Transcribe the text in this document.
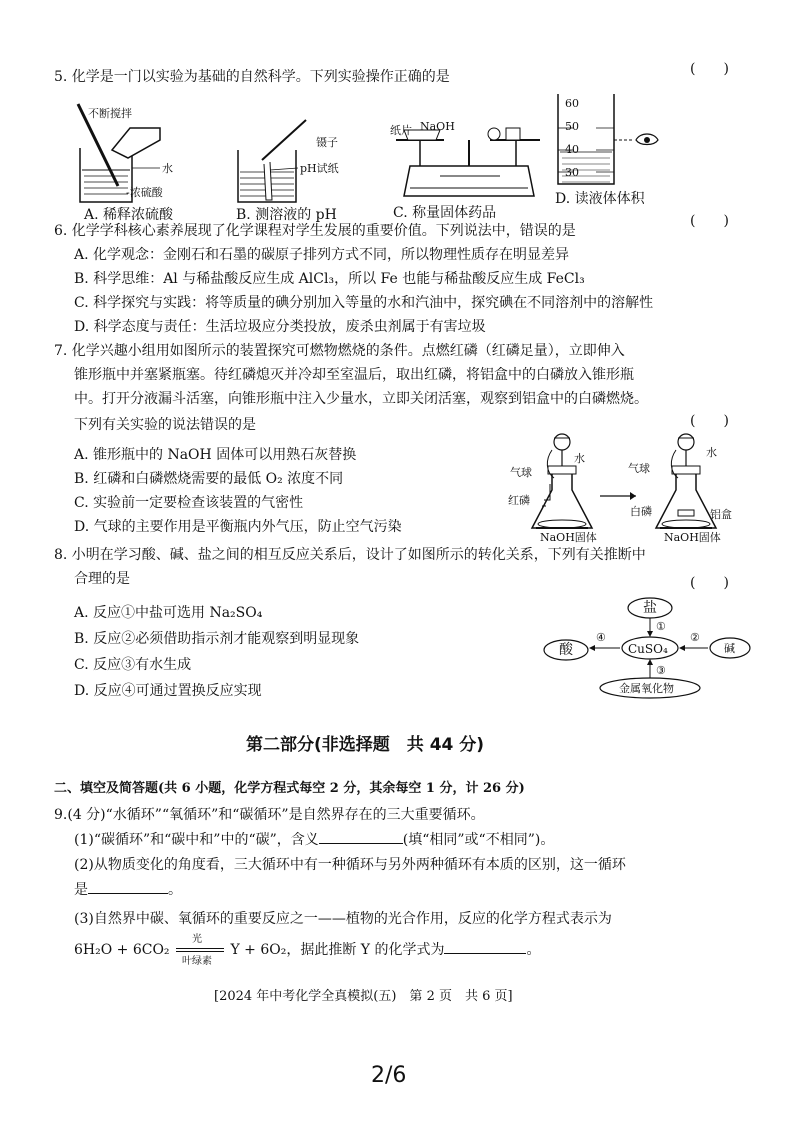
(　　)
5. 化学是一门以实验为基础的自然科学。下列实验操作正确的是
不断搅拌
水
-浓硫酸
镊子
pH试纸
纸片 NaOH
60
50
40
30
A. 稀释浓硫酸	B. 测溶液的 pH	C. 称量固体药品
D. 读液体体积
6. 化学学科核心素养展现了化学课程对学生发展的重要价值。下列说法中，错误的是
(　　)
A. 化学观念：金刚石和石墨的碳原子排列方式不同，所以物理性质存在明显差异
B. 科学思维：Al 与稀盐酸反应生成 AlCl₃，所以 Fe 也能与稀盐酸反应生成 FeCl₃
C. 科学探究与实践：将等质量的碘分别加入等量的水和汽油中，探究碘在不同溶剂中的溶解性
D. 科学态度与责任：生活垃圾应分类投放，废杀虫剂属于有害垃圾
7. 化学兴趣小组用如图所示的装置探究可燃物燃烧的条件。点燃红磷（红磷足量），立即伸入
锥形瓶中并塞紧瓶塞。待红磷熄灭并冷却至室温后，取出红磷，将铝盒中的白磷放入锥形瓶
中。打开分液漏斗活塞，向锥形瓶中注入少量水，立即关闭活塞，观察到铝盒中的白磷燃烧。
(　　)
下列有关实验的说法错误的是
气球
水
红磷
NaOH固体
气球
水
白磷	铝盒
NaOH固体
A. 锥形瓶中的 NaOH 固体可以用熟石灰替换
B. 红磷和白磷燃烧需要的最低 O₂ 浓度不同
C. 实验前一定要检查该装置的气密性
D. 气球的主要作用是平衡瓶内外气压，防止空气污染
8. 小明在学习酸、碱、盐之间的相互反应关系后，设计了如图所示的转化关系，下列有关推断中
合理的是	(　　)
盐
酸	CuSO₄	碱
金属氧化物
①
②
③
④
A. 反应①中盐可选用 Na₂SO₄
B. 反应②必须借助指示剂才能观察到明显现象
C. 反应③有水生成
D. 反应④可通过置换反应实现
第二部分(非选择题　共 44 分)
二、填空及简答题(共 6 小题，化学方程式每空 2 分，其余每空 1 分，计 26 分)
9.(4 分)“水循环”“氧循环”和“碳循环”是自然界存在的三大重要循环。
(1)“碳循环”和“碳中和”中的“碳”，含义	(填“相同”或“不相同”)。
(2)从物质变化的角度看，三大循环中有一种循环与另外两种循环有本质的区别，这一循环
是	。
(3)自然界中碳、氧循环的重要反应之一——植物的光合作用，反应的化学方程式表示为
6H₂O + 6CO₂
光
叶绿素
Y + 6O₂，据此推断 Y 的化学式为	。
[2024 年中考化学全真模拟(五)　第 2 页　共 6 页]
2/6
